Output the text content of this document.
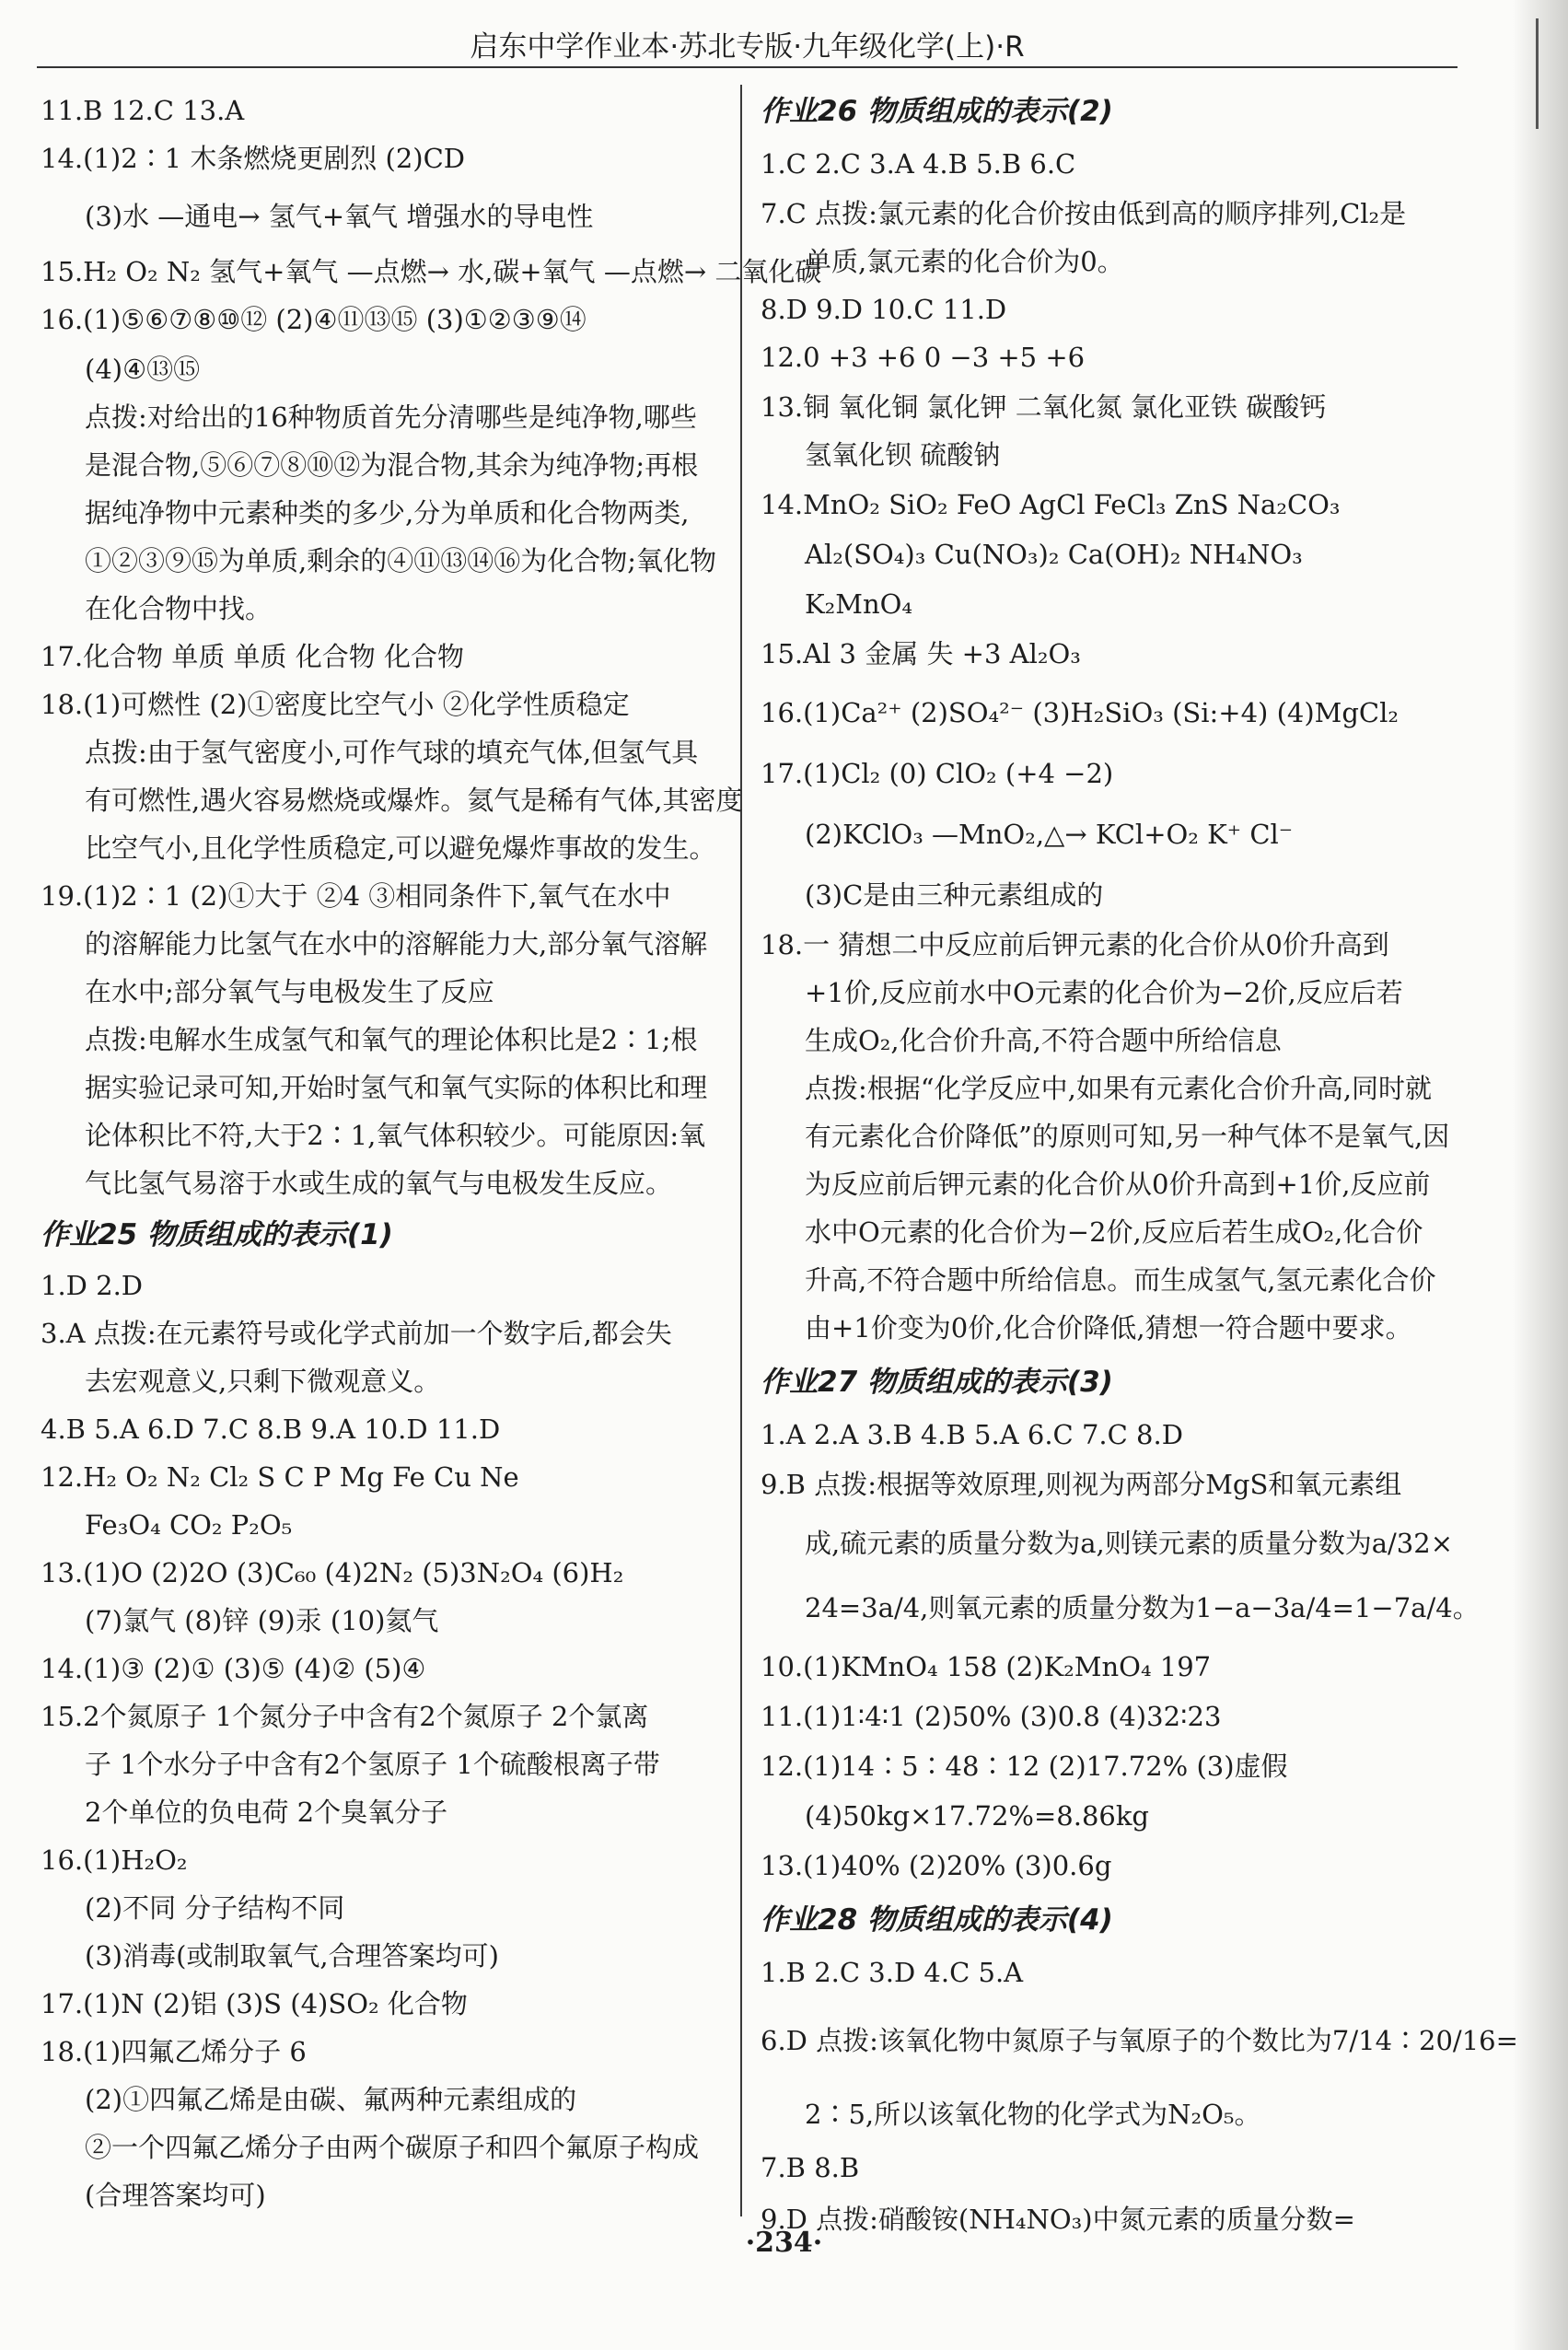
启东中学作业本·苏北专版·九年级化学(上)·R
11.B 12.C 13.A
14.(1)2∶1 木条燃烧更剧烈 (2)CD
(3)水 —通电→ 氢气+氧气 增强水的导电性
15.H₂ O₂ N₂ 氢气+氧气 —点燃→ 水,碳+氧气 —点燃→ 二氧化碳
16.(1)⑤⑥⑦⑧⑩⑫ (2)④⑪⑬⑮ (3)①②③⑨⑭
(4)④⑬⑮
点拨:对给出的16种物质首先分清哪些是纯净物,哪些
是混合物,⑤⑥⑦⑧⑩⑫为混合物,其余为纯净物;再根
据纯净物中元素种类的多少,分为单质和化合物两类,
①②③⑨⑮为单质,剩余的④⑪⑬⑭⑯为化合物;氧化物
在化合物中找。
17.化合物 单质 单质 化合物 化合物
18.(1)可燃性 (2)①密度比空气小 ②化学性质稳定
点拨:由于氢气密度小,可作气球的填充气体,但氢气具
有可燃性,遇火容易燃烧或爆炸。氦气是稀有气体,其密度
比空气小,且化学性质稳定,可以避免爆炸事故的发生。
19.(1)2∶1 (2)①大于 ②4 ③相同条件下,氧气在水中
的溶解能力比氢气在水中的溶解能力大,部分氧气溶解
在水中;部分氧气与电极发生了反应
点拨:电解水生成氢气和氧气的理论体积比是2∶1;根
据实验记录可知,开始时氢气和氧气实际的体积比和理
论体积比不符,大于2∶1,氧气体积较少。可能原因:氧
气比氢气易溶于水或生成的氧气与电极发生反应。
作业25 物质组成的表示(1)
1.D 2.D
3.A 点拨:在元素符号或化学式前加一个数字后,都会失
去宏观意义,只剩下微观意义。
4.B 5.A 6.D 7.C 8.B 9.A 10.D 11.D
12.H₂ O₂ N₂ Cl₂ S C P Mg Fe Cu Ne
Fe₃O₄ CO₂ P₂O₅
13.(1)O (2)2O (3)C₆₀ (4)2N₂ (5)3N₂O₄ (6)H₂
(7)氯气 (8)锌 (9)汞 (10)氦气
14.(1)③ (2)① (3)⑤ (4)② (5)④
15.2个氮原子 1个氮分子中含有2个氮原子 2个氯离
子 1个水分子中含有2个氢原子 1个硫酸根离子带
2个单位的负电荷 2个臭氧分子
16.(1)H₂O₂
(2)不同 分子结构不同
(3)消毒(或制取氧气,合理答案均可)
17.(1)N (2)铝 (3)S (4)SO₂ 化合物
18.(1)四氟乙烯分子 6
(2)①四氟乙烯是由碳、氟两种元素组成的
②一个四氟乙烯分子由两个碳原子和四个氟原子构成
(合理答案均可)
作业26 物质组成的表示(2)
1.C 2.C 3.A 4.B 5.B 6.C
7.C 点拨:氯元素的化合价按由低到高的顺序排列,Cl₂是
单质,氯元素的化合价为0。
8.D 9.D 10.C 11.D
12.0 +3 +6 0 −3 +5 +6
13.铜 氧化铜 氯化钾 二氧化氮 氯化亚铁 碳酸钙
氢氧化钡 硫酸钠
14.MnO₂ SiO₂ FeO AgCl FeCl₃ ZnS Na₂CO₃
Al₂(SO₄)₃ Cu(NO₃)₂ Ca(OH)₂ NH₄NO₃
K₂MnO₄
15.Al 3 金属 失 +3 Al₂O₃
16.(1)Ca²⁺ (2)SO₄²⁻ (3)H₂SiO₃ (Si:+4) (4)MgCl₂
17.(1)Cl₂ (0) ClO₂ (+4 −2)
(2)KClO₃ —MnO₂,△→ KCl+O₂ K⁺ Cl⁻
(3)C是由三种元素组成的
18.一 猜想二中反应前后钾元素的化合价从0价升高到
+1价,反应前水中O元素的化合价为−2价,反应后若
生成O₂,化合价升高,不符合题中所给信息
点拨:根据“化学反应中,如果有元素化合价升高,同时就
有元素化合价降低”的原则可知,另一种气体不是氧气,因
为反应前后钾元素的化合价从0价升高到+1价,反应前
水中O元素的化合价为−2价,反应后若生成O₂,化合价
升高,不符合题中所给信息。而生成氢气,氢元素化合价
由+1价变为0价,化合价降低,猜想一符合题中要求。
作业27 物质组成的表示(3)
1.A 2.A 3.B 4.B 5.A 6.C 7.C 8.D
9.B 点拨:根据等效原理,则视为两部分MgS和氧元素组
成,硫元素的质量分数为a,则镁元素的质量分数为a/32×
24=3a/4,则氧元素的质量分数为1−a−3a/4=1−7a/4。
10.(1)KMnO₄ 158 (2)K₂MnO₄ 197
11.(1)1∶4∶1 (2)50% (3)0.8 (4)32∶23
12.(1)14∶5∶48∶12 (2)17.72% (3)虚假
(4)50kg×17.72%=8.86kg
13.(1)40% (2)20% (3)0.6g
作业28 物质组成的表示(4)
1.B 2.C 3.D 4.C 5.A
6.D 点拨:该氧化物中氮原子与氧原子的个数比为7/14∶20/16=
2∶5,所以该氧化物的化学式为N₂O₅。
7.B 8.B
9.D 点拨:硝酸铵(NH₄NO₃)中氮元素的质量分数=
·234·
